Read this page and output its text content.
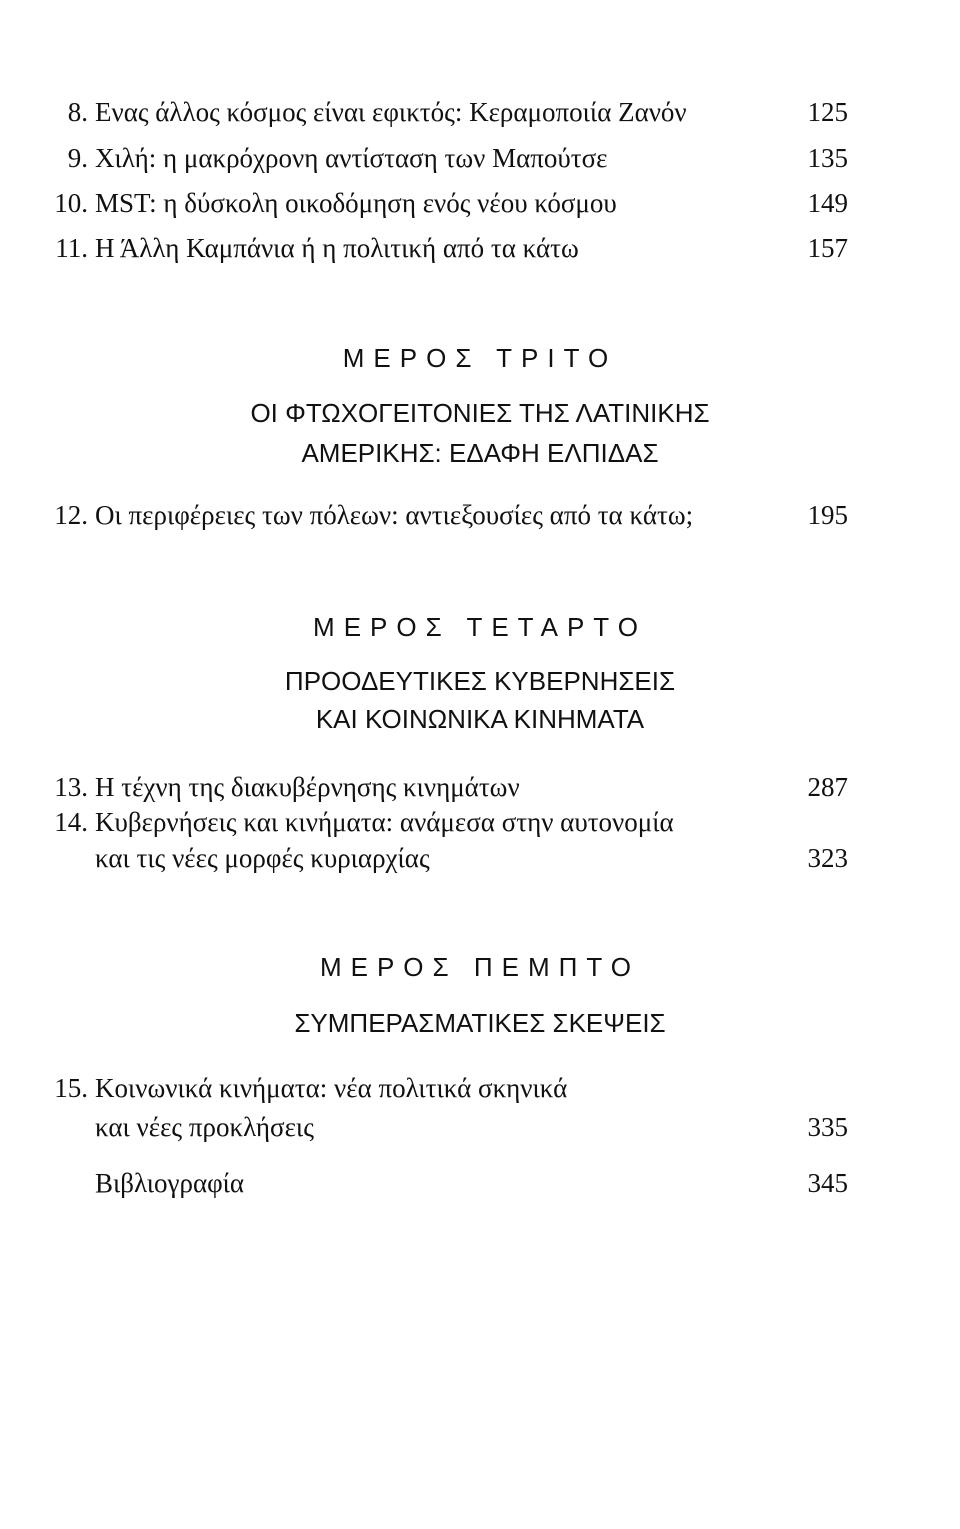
8. Ενας άλλος κόσμος είναι εφικτός: Κεραμοποιία Ζανόν	125
9. Χιλή: η μακρόχρονη αντίσταση των Μαπούτσε	135
10. MST: η δύσκολη οικοδόμηση ενός νέου κόσμου	149
11. Η Άλλη Καμπάνια ή η πολιτική από τα κάτω	157
ΜΕΡΟΣ ΤΡΙΤΟ
ΟΙ ΦΤΩΧΟΓΕΙΤΟΝΙΕΣ ΤΗΣ ΛΑΤΙΝΙΚΗΣ
ΑΜΕΡΙΚΗΣ: ΕΔΑΦΗ ΕΛΠΙΔΑΣ
12. Οι περιφέρειες των πόλεων: αντιεξουσίες από τα κάτω;	195
ΜΕΡΟΣ ΤΕΤΑΡΤΟ
ΠΡΟΟΔΕΥΤΙΚΕΣ ΚΥΒΕΡΝΗΣΕΙΣ
ΚΑΙ ΚΟΙΝΩΝΙΚΑ ΚΙΝΗΜΑΤΑ
13. Η τέχνη της διακυβέρνησης κινημάτων	287
14. Κυβερνήσεις και κινήματα: ανάμεσα στην αυτονομία
και τις νέες μορφές κυριαρχίας	323
ΜΕΡΟΣ ΠΕΜΠΤΟ
ΣΥΜΠΕΡΑΣΜΑΤΙΚΕΣ ΣΚΕΨΕΙΣ
15. Κοινωνικά κινήματα: νέα πολιτικά σκηνικά
και νέες προκλήσεις	335
Βιβλιογραφία	345
